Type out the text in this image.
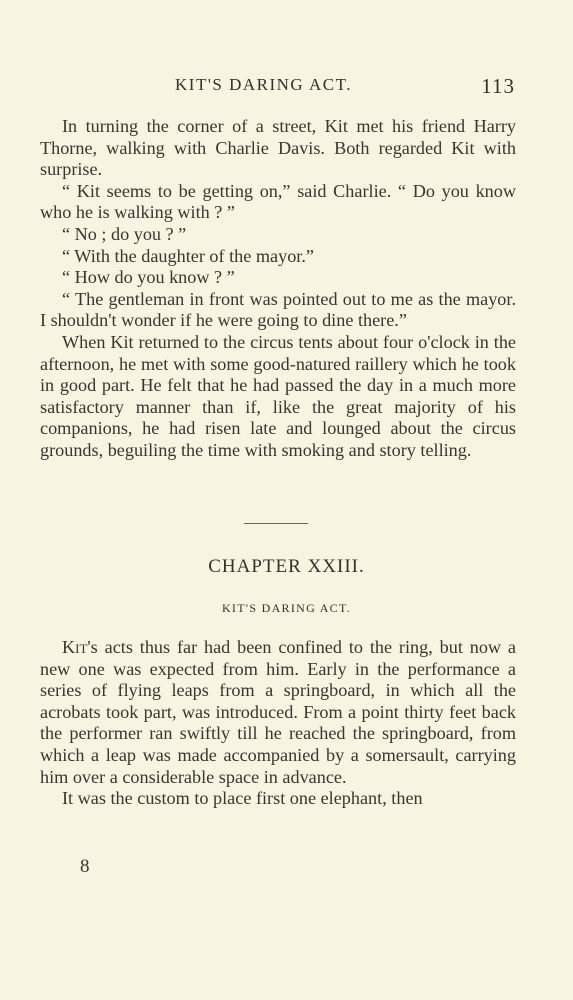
KIT'S DARING ACT.	113

In turning the corner of a street, Kit met his friend Harry Thorne, walking with Charlie Davis. Both regarded Kit with surprise.

“ Kit seems to be getting on,” said Charlie. “ Do you know who he is walking with ? ”

“ No ; do you ? ”

“ With the daughter of the mayor.”

“ How do you know ? ”

“ The gentleman in front was pointed out to me as the mayor. I shouldn't wonder if he were going to dine there.”

When Kit returned to the circus tents about four o'clock in the afternoon, he met with some good-natured raillery which he took in good part. He felt that he had passed the day in a much more satisfactory manner than if, like the great majority of his companions, he had risen late and lounged about the circus grounds, beguiling the time with smoking and story telling.

CHAPTER XXIII.
KIT'S DARING ACT.

Kit's acts thus far had been confined to the ring, but now a new one was expected from him. Early in the performance a series of flying leaps from a springboard, in which all the acrobats took part, was introduced. From a point thirty feet back the performer ran swiftly till he reached the springboard, from which a leap was made accompanied by a somersault, carrying him over a considerable space in advance.

It was the custom to place first one elephant, then

8
